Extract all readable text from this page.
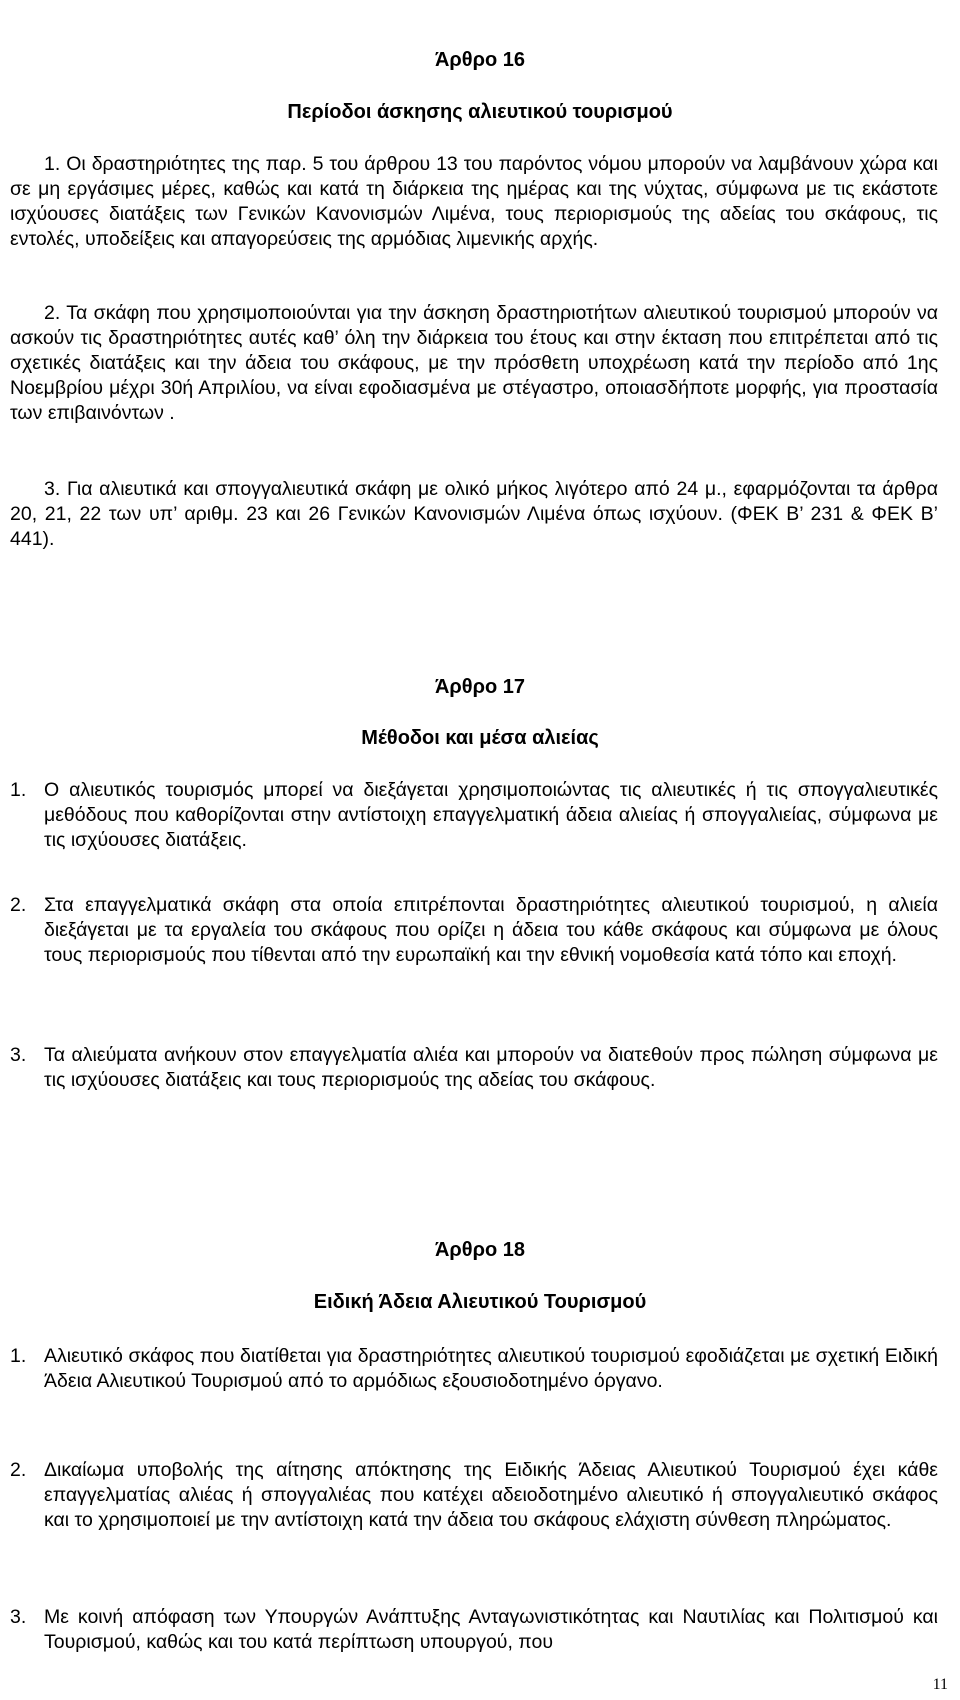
Άρθρο 16
Περίοδοι άσκησης αλιευτικού τουρισμού
1. Οι δραστηριότητες της παρ. 5 του άρθρου 13 του παρόντος νόμου μπορούν να λαμβάνουν χώρα και σε μη εργάσιμες μέρες, καθώς και κατά τη διάρκεια της ημέρας και της νύχτας, σύμφωνα με τις εκάστοτε ισχύουσες διατάξεις των Γενικών Κανονισμών Λιμένα, τους περιορισμούς της αδείας του σκάφους, τις εντολές, υποδείξεις και απαγορεύσεις της αρμόδιας λιμενικής αρχής.
2. Τα σκάφη που χρησιμοποιούνται για την άσκηση δραστηριοτήτων αλιευτικού τουρισμού μπορούν να ασκούν τις δραστηριότητες αυτές καθ’ όλη την διάρκεια του έτους και στην έκταση που επιτρέπεται από τις σχετικές διατάξεις και την άδεια του σκάφους, με την πρόσθετη υποχρέωση κατά την περίοδο από 1ης Νοεμβρίου μέχρι 30ή Απριλίου, να είναι εφοδιασμένα με στέγαστρο, οποιασδήποτε μορφής, για προστασία των επιβαινόντων .
3. Για αλιευτικά και σπογγαλιευτικά σκάφη με ολικό μήκος λιγότερο από 24 μ., εφαρμόζονται τα άρθρα 20, 21, 22 των υπ’ αριθμ. 23 και 26 Γενικών Κανονισμών Λιμένα όπως ισχύουν. (ΦΕΚ Β’ 231 & ΦΕΚ Β’ 441).
Άρθρο 17
Μέθοδοι και μέσα αλιείας
1. Ο αλιευτικός τουρισμός μπορεί να διεξάγεται χρησιμοποιώντας τις αλιευτικές ή τις σπογγαλιευτικές μεθόδους που καθορίζονται στην αντίστοιχη επαγγελματική άδεια αλιείας ή σπογγαλιείας, σύμφωνα με τις ισχύουσες διατάξεις.
2. Στα επαγγελματικά σκάφη στα οποία επιτρέπονται δραστηριότητες αλιευτικού τουρισμού, η αλιεία διεξάγεται με τα εργαλεία του σκάφους που ορίζει η άδεια του κάθε σκάφους και σύμφωνα με όλους τους περιορισμούς που τίθενται από την ευρωπαϊκή και την εθνική νομοθεσία κατά τόπο και εποχή.
3. Τα αλιεύματα ανήκουν στον επαγγελματία αλιέα και μπορούν να διατεθούν προς πώληση σύμφωνα με τις ισχύουσες διατάξεις και τους περιορισμούς της αδείας του σκάφους.
Άρθρο 18
Ειδική Άδεια Αλιευτικού Τουρισμού
1. Αλιευτικό σκάφος που διατίθεται για δραστηριότητες αλιευτικού τουρισμού εφοδιάζεται με σχετική Ειδική Άδεια Αλιευτικού Τουρισμού από το αρμόδιως εξουσιοδοτημένο όργανο.
2. Δικαίωμα υποβολής της αίτησης απόκτησης της Ειδικής Άδειας Αλιευτικού Τουρισμού έχει κάθε επαγγελματίας αλιέας ή σπογγαλιέας που κατέχει αδειοδοτημένο αλιευτικό ή σπογγαλιευτικό σκάφος και το χρησιμοποιεί με την αντίστοιχη κατά την άδεια του σκάφους ελάχιστη σύνθεση πληρώματος.
3. Με κοινή απόφαση των Υπουργών Ανάπτυξης Ανταγωνιστικότητας και Ναυτιλίας και Πολιτισμού και Τουρισμού, καθώς και του κατά περίπτωση υπουργού, που
11
